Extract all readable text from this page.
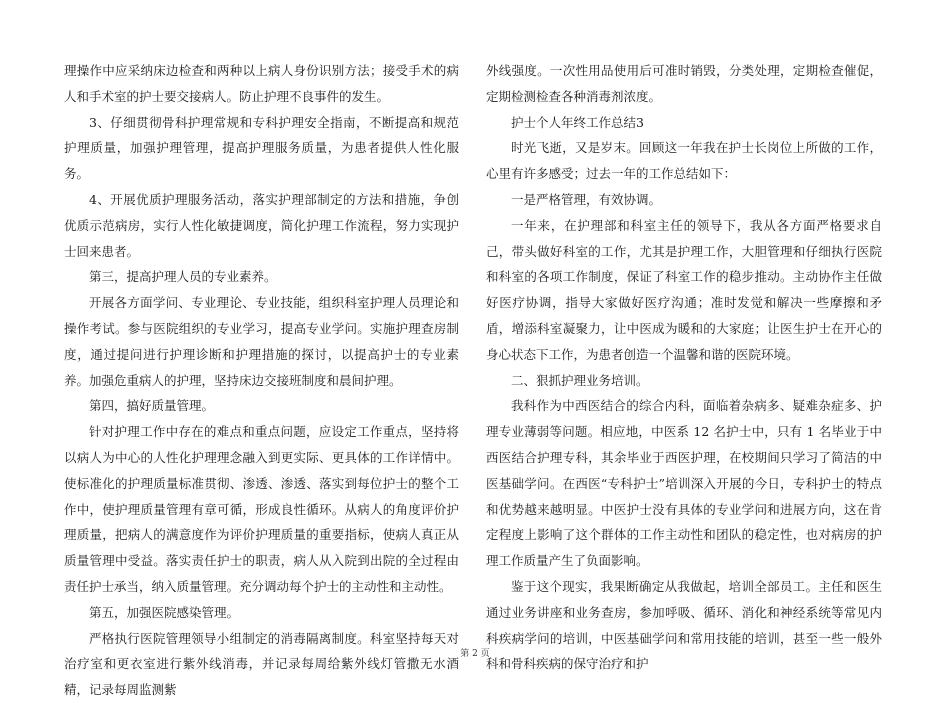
理操作中应采纳床边检查和两种以上病人身份识别方法；接受手术的病人和手术室的护士要交接病人。防止护理不良事件的发生。

3、仔细贯彻骨科护理常规和专科护理安全指南，不断提高和规范护理质量，加强护理管理，提高护理服务质量，为患者提供人性化服务。

4、开展优质护理服务活动，落实护理部制定的方法和措施，争创优质示范病房，实行人性化敏捷调度，简化护理工作流程，努力实现护士回来患者。

第三，提高护理人员的专业素养。

开展各方面学问、专业理论、专业技能，组织科室护理人员理论和操作考试。参与医院组织的专业学习，提高专业学问。实施护理查房制度，通过提问进行护理诊断和护理措施的探讨，以提高护士的专业素养。加强危重病人的护理，坚持床边交接班制度和晨间护理。

第四，搞好质量管理。

针对护理工作中存在的难点和重点问题，应设定工作重点，坚持将以病人为中心的人性化护理理念融入到更实际、更具体的工作详情中。使标准化的护理质量标准贯彻、渗透、渗透、落实到每位护士的整个工作中，使护理质量管理有章可循，形成良性循环。从病人的角度评价护理质量，把病人的满意度作为评价护理质量的重要指标，使病人真正从质量管理中受益。落实责任护士的职责，病人从入院到出院的全过程由责任护士承当，纳入质量管理。充分调动每个护士的主动性和主动性。

第五，加强医院感染管理。

严格执行医院管理领导小组制定的消毒隔离制度。科室坚持每天对治疗室和更衣室进行紫外线消毒，并记录每周给紫外线灯管撒无水酒精，记录每周监测紫

外线强度。一次性用品使用后可准时销毁，分类处理，定期检查催促，定期检测检查各种消毒剂浓度。

护士个人年终工作总结3

时光飞逝，又是岁末。回顾这一年我在护士长岗位上所做的工作，心里有许多感受；过去一年的工作总结如下：

一是严格管理，有效协调。

一年来，在护理部和科室主任的领导下，我从各方面严格要求自己，带头做好科室的工作，尤其是护理工作，大胆管理和仔细执行医院和科室的各项工作制度，保证了科室工作的稳步推动。主动协作主任做好医疗协调，指导大家做好医疗沟通；准时发觉和解决一些摩擦和矛盾，增添科室凝聚力，让中医成为暖和的大家庭；让医生护士在开心的身心状态下工作，为患者创造一个温馨和谐的医院环境。

二、狠抓护理业务培训。

我科作为中西医结合的综合内科，面临着杂病多、疑难杂症多、护理专业薄弱等问题。相应地，中医系 12 名护士中，只有 1 名毕业于中西医结合护理专科，其余毕业于西医护理，在校期间只学习了简洁的中医基础学问。在西医“专科护士”培训深入开展的今日，专科护士的特点和优势越来越明显。中医护士没有具体的专业学问和进展方向，这在肯定程度上影响了这个群体的工作主动性和团队的稳定性，也对病房的护理工作质量产生了负面影响。

鉴于这个现实，我果断确定从我做起，培训全部员工。主任和医生通过业务讲座和业务查房，参加呼吸、循环、消化和神经系统等常见内科疾病学问的培训，中医基础学问和常用技能的培训，甚至一些一般外科和骨科疾病的保守治疗和护

第 2 页
